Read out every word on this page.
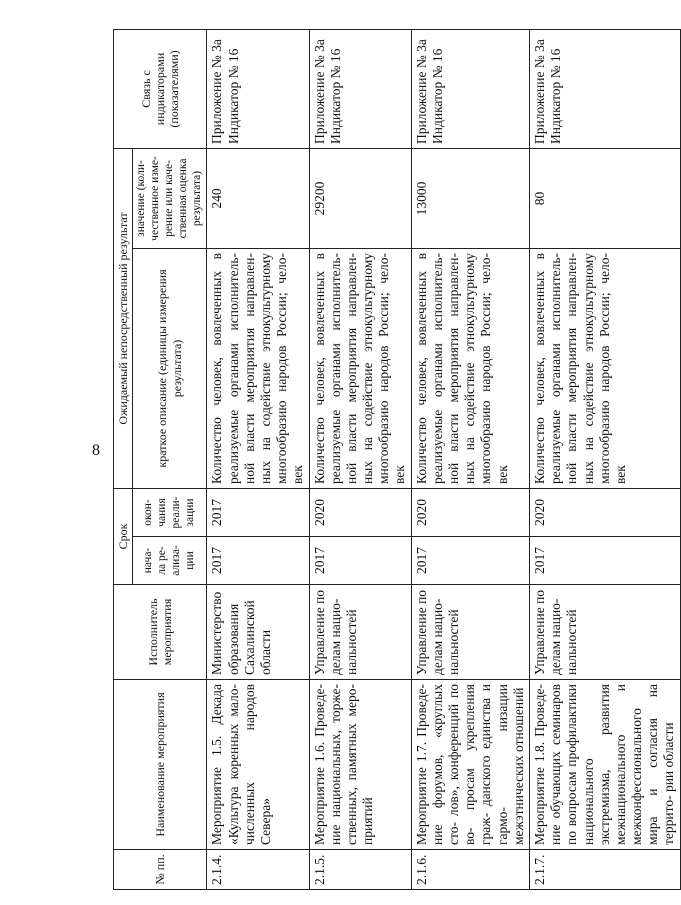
8
№ пп.	Наименование мероприятия	Исполнитель мероприятия	Срок		Ожидаемый непосредственный результат		Связь с индикаторами (показателями)
			нача- ла ре- ализа- ции	окон- чания реали- зации	краткое описание (единицы измерения результата)	значение (коли- чественное изме- рение или каче- ственная оценка результата)	
2.1.4.	Мероприятие 1.5. Декада «Культура коренных мало- численных народов Севера»	Министерство образования Сахалинской области	2017	2017	Количество человек, вовлеченных в реализуемые органами исполнитель- ной власти мероприятия направлен- ных на содействие этнокультурному многообразию народов России; чело- век	240	Приложение № 3а Индикатор № 16
2.1.5.	Мероприятие 1.6. Проведе- ние национальных, торже- ственных, памятных меро- приятий	Управление по делам нацио- нальностей	2017	2020	Количество человек, вовлеченных в реализуемые органами исполнитель- ной власти мероприятия направлен- ных на содействие этнокультурному многообразию народов России; чело- век	29200	Приложение № 3а Индикатор № 16
2.1.6.	Мероприятие 1.7. Проведе- ние форумов, «круглых сто- лов», конференций по во- просам укрепления граж- данского единства и гармо- низации межэтнических отношений	Управление по делам нацио- нальностей	2017	2020	Количество человек, вовлеченных в реализуемые органами исполнитель- ной власти мероприятия направлен- ных на содействие этнокультурному многообразию народов России; чело- век	13000	Приложение № 3а Индикатор № 16
2.1.7.	Мероприятие 1.8. Проведе- ние обучающих семинаров по вопросам профилактики национального экстремизма, развития межнационального и межконфессионального мира и согласия на террито- рии области	Управление по делам нацио- нальностей	2017	2020	Количество человек, вовлеченных в реализуемые органами исполнитель- ной власти мероприятия направлен- ных на содействие этнокультурному многообразию народов России; чело- век	80	Приложение № 3а Индикатор № 16
